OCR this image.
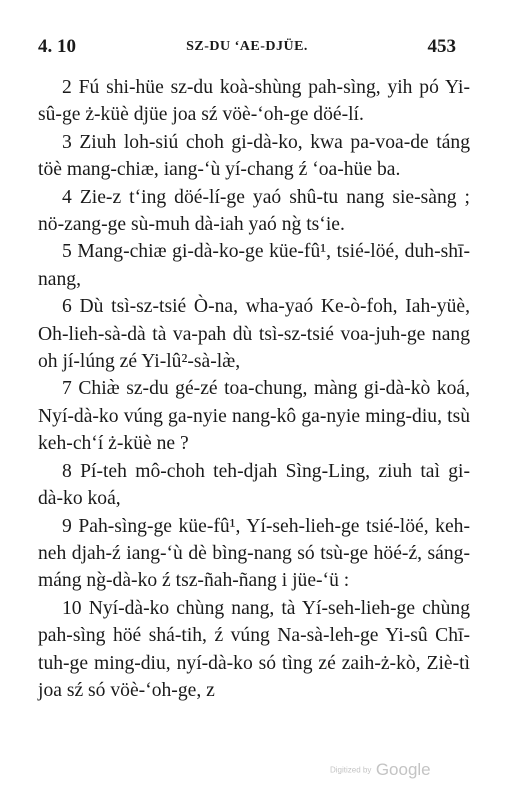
4. 10	SZ-DU ʻAE-DJÜE.	453

2 Fú shi-hüe sz-du koà-shùng pah-sìng, yih pó Yi-sû-ge ż-küè djüe joa sź vöè-ʻoh-ge döé-lí.

3 Ziuh loh-siú choh gi-dà-ko, kwa pa-voa-de táng töè mang-chiæ, iang-ʻù yí-chang ź ʻoa-hüe ba.

4 Zie-z tʻing döé-lí-ge yaó shû-tu nang sie-sàng ; nö-zang-ge sù-muh dà-iah yaó ng̀ tsʻie.

5 Mang-chiæ gi-dà-ko-ge küe-fû¹, tsié-löé, duh-shī-nang,

6 Dù tsì-sz-tsié Ò-na, wha-yaó Ke-ò-foh, Iah-yüè, Oh-lieh-sà-dà tà va-pah dù tsì-sz-tsié voa-juh-ge nang oh jí-lúng zé Yi-lû²-sà-læ̀,

7 Chiæ̀ sz-du gé-zé toa-chung, màng gi-dà-kò koá, Nyí-dà-ko vúng ga-nyie nang-kô ga-nyie ming-diu, tsù keh-chʻí ż-küè ne ?

8 Pí-teh mô-choh teh-djah Sìng-Ling, ziuh taì gi-dà-ko koá,

9 Pah-sìng-ge küe-fû¹, Yí-seh-lieh-ge tsié-löé, keh-neh djah-ź iang-ʻù dè bìng-nang só tsù-ge höé-ź, sáng-máng ng̀-dà-ko ź tsz-ñah-ñang i jüe-ʻü :

10 Nyí-dà-ko chùng nang, tà Yí-seh-lieh-ge chùng pah-sìng höé shá-tih, ź vúng Na-sà-leh-ge Yi-sû Chī-tuh-ge ming-diu, nyí-dà-ko só tìng zé zaih-ż-kò, Ziè-tì joa sź só vöè-ʻoh-ge, z

Digitized by Google
